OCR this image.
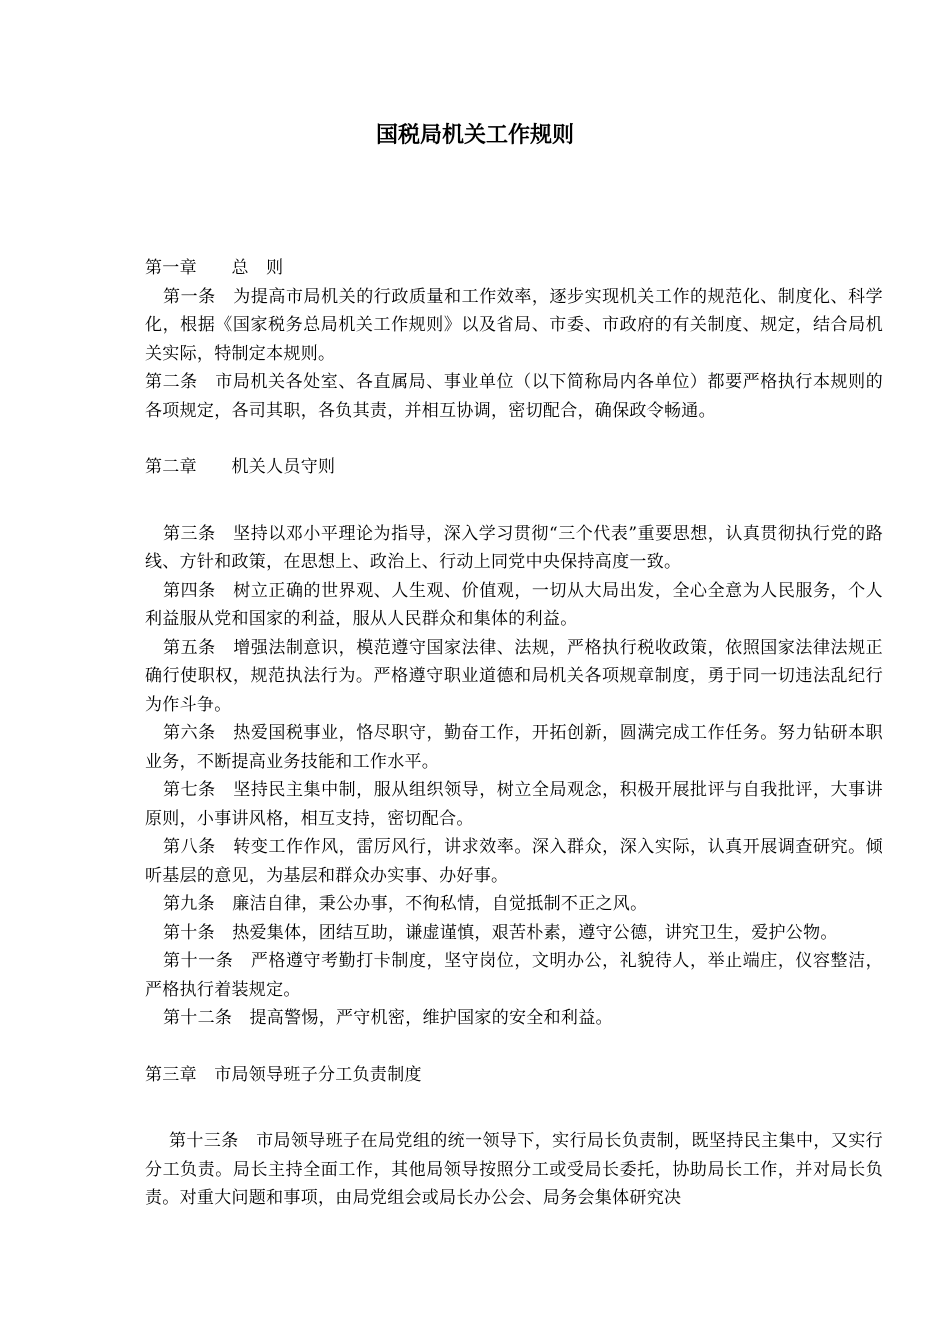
国税局机关工作规则

第一章　　总　则

第一条　为提高市局机关的行政质量和工作效率，逐步实现机关工作的规范化、制度化、科学化，根据《国家税务总局机关工作规则》以及省局、市委、市政府的有关制度、规定，结合局机关实际，特制定本规则。

第二条　市局机关各处室、各直属局、事业单位（以下简称局内各单位）都要严格执行本规则的各项规定，各司其职，各负其责，并相互协调，密切配合，确保政令畅通。

第二章　　机关人员守则

第三条　坚持以邓小平理论为指导，深入学习贯彻“三个代表”重要思想，认真贯彻执行党的路线、方针和政策，在思想上、政治上、行动上同党中央保持高度一致。

第四条　树立正确的世界观、人生观、价值观，一切从大局出发，全心全意为人民服务，个人利益服从党和国家的利益，服从人民群众和集体的利益。

第五条　增强法制意识，模范遵守国家法律、法规，严格执行税收政策，依照国家法律法规正确行使职权，规范执法行为。严格遵守职业道德和局机关各项规章制度，勇于同一切违法乱纪行为作斗争。

第六条　热爱国税事业，恪尽职守，勤奋工作，开拓创新，圆满完成工作任务。努力钻研本职业务，不断提高业务技能和工作水平。

第七条　坚持民主集中制，服从组织领导，树立全局观念，积极开展批评与自我批评，大事讲原则，小事讲风格，相互支持，密切配合。

第八条　转变工作作风，雷厉风行，讲求效率。深入群众，深入实际，认真开展调查研究。倾听基层的意见，为基层和群众办实事、办好事。

第九条　廉洁自律，秉公办事，不徇私情，自觉抵制不正之风。

第十条　热爱集体，团结互助，谦虚谨慎，艰苦朴素，遵守公德，讲究卫生，爱护公物。

第十一条　严格遵守考勤打卡制度，坚守岗位，文明办公，礼貌待人，举止端庄，仪容整洁，严格执行着装规定。

第十二条　提高警惕，严守机密，维护国家的安全和利益。

第三章　市局领导班子分工负责制度

第十三条　市局领导班子在局党组的统一领导下，实行局长负责制，既坚持民主集中，又实行分工负责。局长主持全面工作，其他局领导按照分工或受局长委托，协助局长工作，并对局长负责。对重大问题和事项，由局党组会或局长办公会、局务会集体研究决
